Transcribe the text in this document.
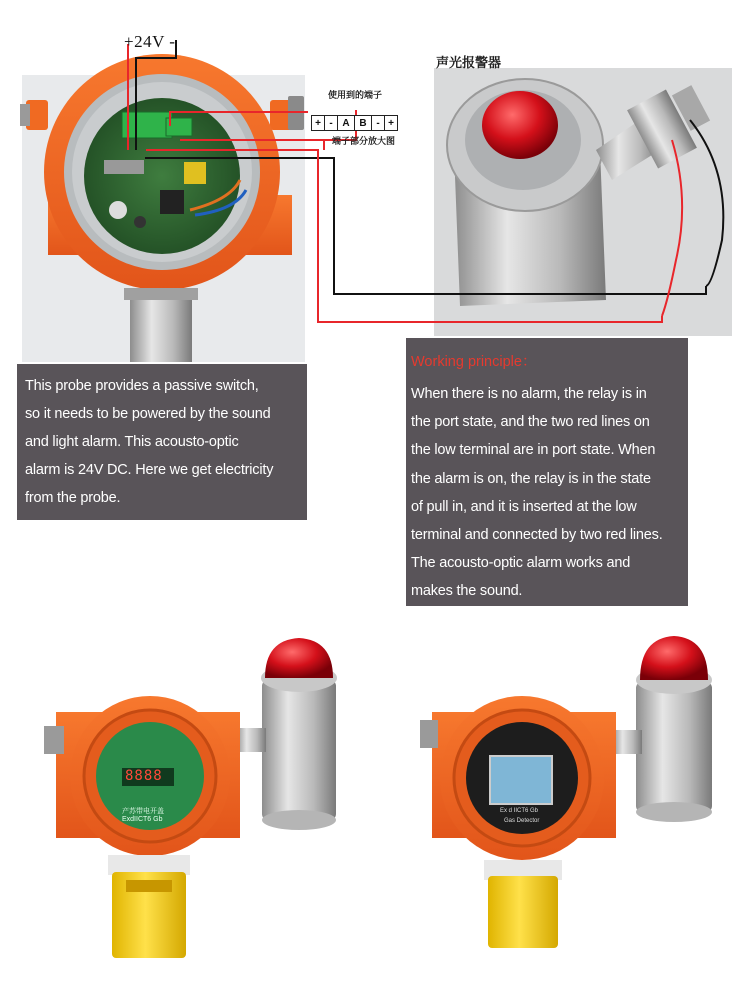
+24V -
声光报警器
使用到的端子
+ - A B - +
端子部分放大图
This probe provides a passive switch,
so it needs to be powered by the sound
and light alarm. This acousto-optic
alarm is 24V DC. Here we get electricity
from the probe.
Working principle：
When there is no alarm, the relay is in
the port state, and the two red lines on
the low terminal are in port state. When
the alarm is on, the relay is in the state
of pull in, and it is inserted at the low
terminal and connected by two red lines.
The acousto-optic alarm works and
makes the sound.
8888
产苏带电开盖
ExdIICT6 Gb
Ex d IICT6 Gb
Gas Detector
